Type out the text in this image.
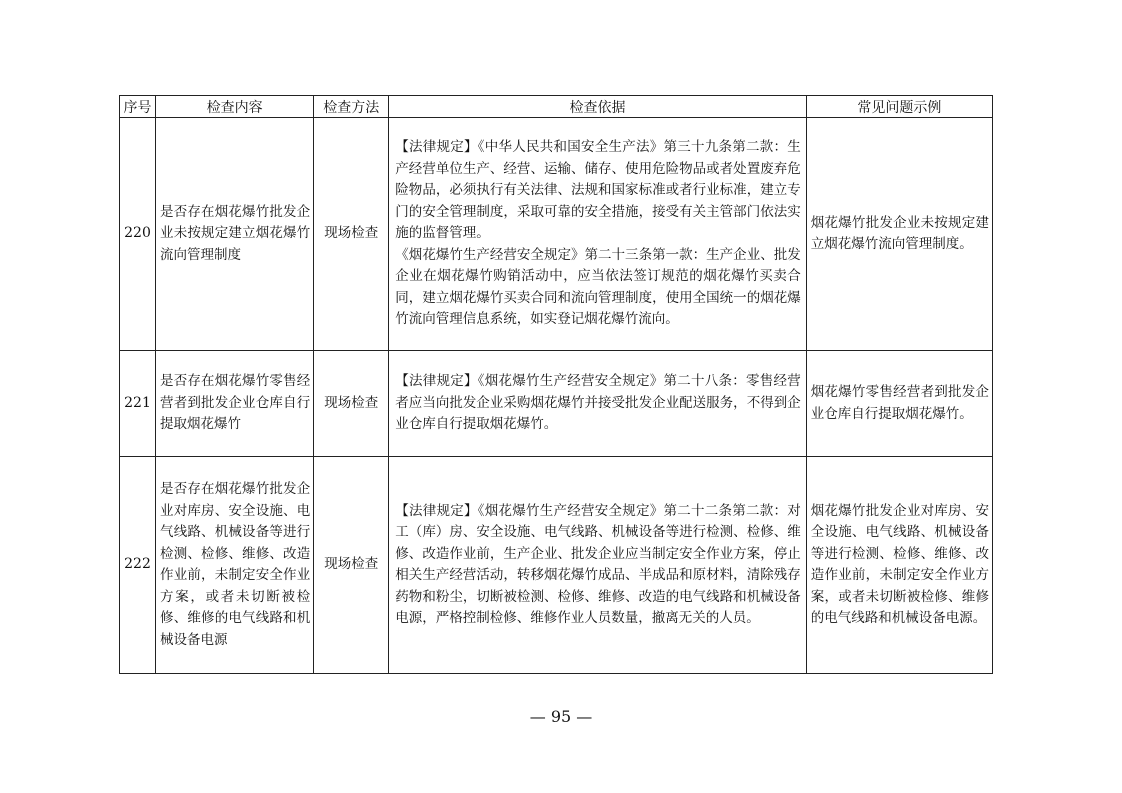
序号	检查内容	检查方法	检查依据	常见问题示例
220	是否存在烟花爆竹批发企业未按规定建立烟花爆竹流向管理制度	现场检查	【法律规定】《中华人民共和国安全生产法》第三十九条第二款：生产经营单位生产、经营、运输、储存、使用危险物品或者处置废弃危险物品，必须执行有关法律、法规和国家标准或者行业标准，建立专门的安全管理制度，采取可靠的安全措施，接受有关主管部门依法实施的监督管理。
《烟花爆竹生产经营安全规定》第二十三条第一款：生产企业、批发企业在烟花爆竹购销活动中，应当依法签订规范的烟花爆竹买卖合同，建立烟花爆竹买卖合同和流向管理制度，使用全国统一的烟花爆竹流向管理信息系统，如实登记烟花爆竹流向。	烟花爆竹批发企业未按规定建立烟花爆竹流向管理制度。
221	是否存在烟花爆竹零售经营者到批发企业仓库自行提取烟花爆竹	现场检查	【法律规定】《烟花爆竹生产经营安全规定》第二十八条：零售经营者应当向批发企业采购烟花爆竹并接受批发企业配送服务，不得到企业仓库自行提取烟花爆竹。	烟花爆竹零售经营者到批发企业仓库自行提取烟花爆竹。
222	是否存在烟花爆竹批发企业对库房、安全设施、电气线路、机械设备等进行检测、检修、维修、改造作业前，未制定安全作业方案，或者未切断被检修、维修的电气线路和机械设备电源	现场检查	【法律规定】《烟花爆竹生产经营安全规定》第二十二条第二款：对工（库）房、安全设施、电气线路、机械设备等进行检测、检修、维修、改造作业前，生产企业、批发企业应当制定安全作业方案，停止相关生产经营活动，转移烟花爆竹成品、半成品和原材料，清除残存药物和粉尘，切断被检测、检修、维修、改造的电气线路和机械设备电源，严格控制检修、维修作业人员数量，撤离无关的人员。	烟花爆竹批发企业对库房、安全设施、电气线路、机械设备等进行检测、检修、维修、改造作业前，未制定安全作业方案，或者未切断被检修、维修的电气线路和机械设备电源。
— 95 —
